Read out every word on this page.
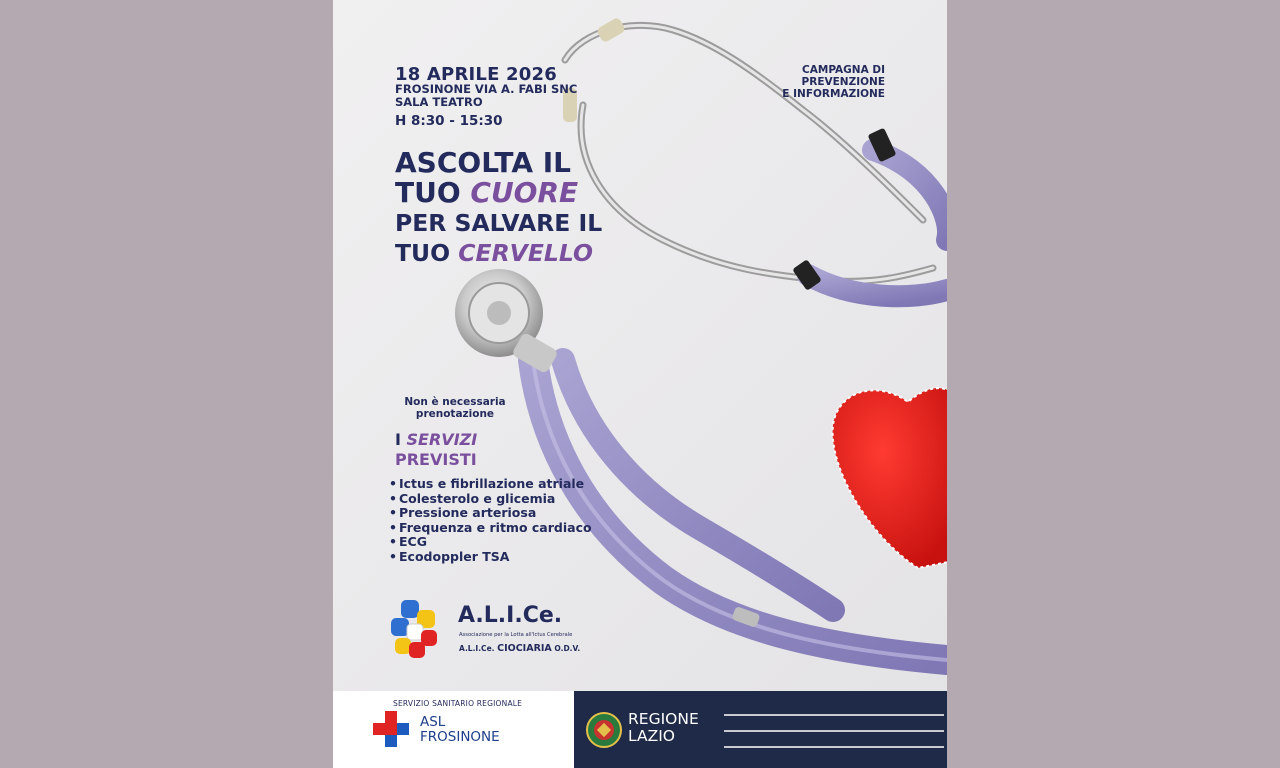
18 APRILE 2026
FROSINONE VIA A. FABI SNC
SALA TEATRO
H 8:30 - 15:30
CAMPAGNA DI
PREVENZIONE
E INFORMAZIONE
ASCOLTA IL
TUO CUORE
PER SALVARE IL
TUO CERVELLO
Non è necessaria
prenotazione
I SERVIZI
PREVISTI
• Ictus e fibrillazione atriale
• Colesterolo e glicemia
• Pressione arteriosa
• Frequenza e ritmo cardiaco
• ECG
• Ecodoppler TSA
A.L.I.Ce.
Associazione per la Lotta all'Ictus Cerebrale
A.L.I.Ce. CIOCIARIA O.D.V.
SERVIZIO SANITARIO REGIONALE
ASL
FROSINONE
REGIONE
LAZIO
